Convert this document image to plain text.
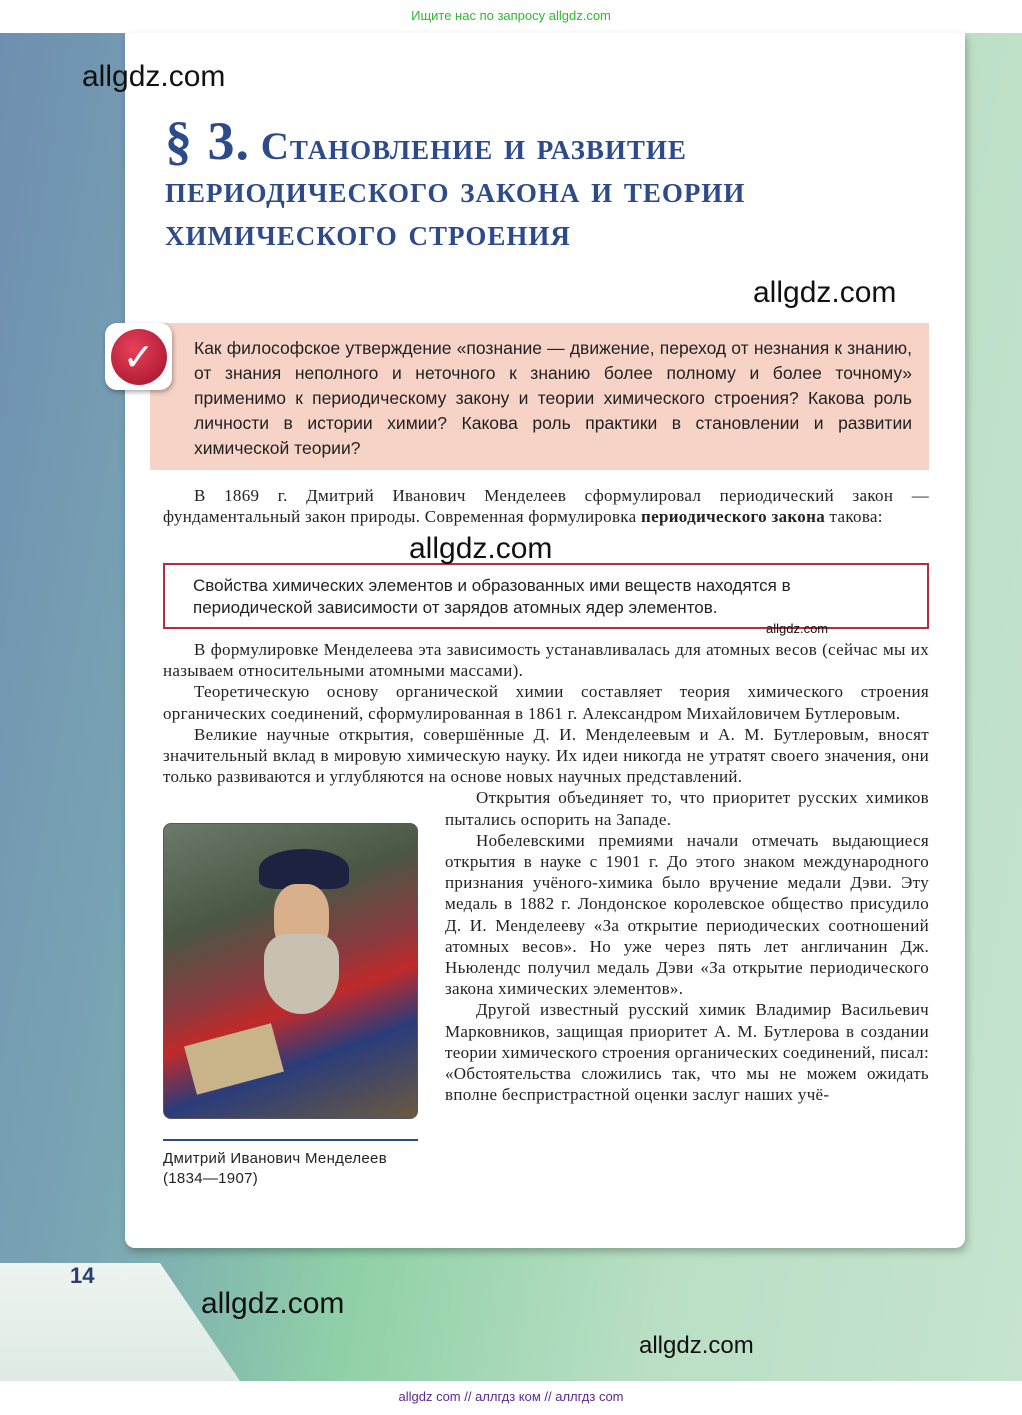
Ищите нас по запросу allgdz.com
allgdz.com
allgdz.com
allgdz.com
allgdz.com
allgdz.com
allgdz.com
§ 3. Становление и развитие периодического закона и теории химического строения
Как философское утверждение «познание — движение, переход от незнания к знанию, от знания неполного и неточного к знанию более полному и более точному» применимо к периодическому закону и теории химического строения? Какова роль личности в истории химии? Какова роль практики в становлении и развитии химической теории?
✓

В 1869 г. Дмитрий Иванович Менделеев сформулировал периодический закон — фундаментальный закон природы. Современная формулировка периодического закона такова:

Свойства химических элементов и образованных ими веществ находятся в периодической зависимости от зарядов атомных ядер элементов.

В формулировке Менделеева эта зависимость устанавливалась для атомных весов (сейчас мы их называем относительными атомными массами).

Теоретическую основу органической химии составляет теория химического строения органических соединений, сформулированная в 1861 г. Александром Михайловичем Бутлеровым.

Великие научные открытия, совершённые Д. И. Менделеевым и А. М. Бутлеровым, вносят значительный вклад в мировую химическую науку. Их идеи никогда не утратят своего значения, они только развиваются и углубляются на основе новых научных представлений.

Дмитрий Иванович Менделеев (1834—1907)

Открытия объединяет то, что приоритет русских химиков пытались оспорить на Западе.

Нобелевскими премиями начали отмечать выдающиеся открытия в науке с 1901 г. До этого знаком международного признания учёного-химика было вручение медали Дэви. Эту медаль в 1882 г. Лондонское королевское общество присудило Д. И. Менделееву «За открытие периодических соотношений атомных весов». Но уже через пять лет англичанин Дж. Ньюлендс получил медаль Дэви «За открытие периодического закона химических элементов».

Другой известный русский химик Владимир Васильевич Марковников, защищая приоритет А. М. Бутлерова в создании теории химического строения органических соединений, писал: «Обстоятельства сложились так, что мы не можем ожидать вполне беспристрастной оценки заслуг наших учё-

14
allgdz com // аллгдз ком // аллгдз com
